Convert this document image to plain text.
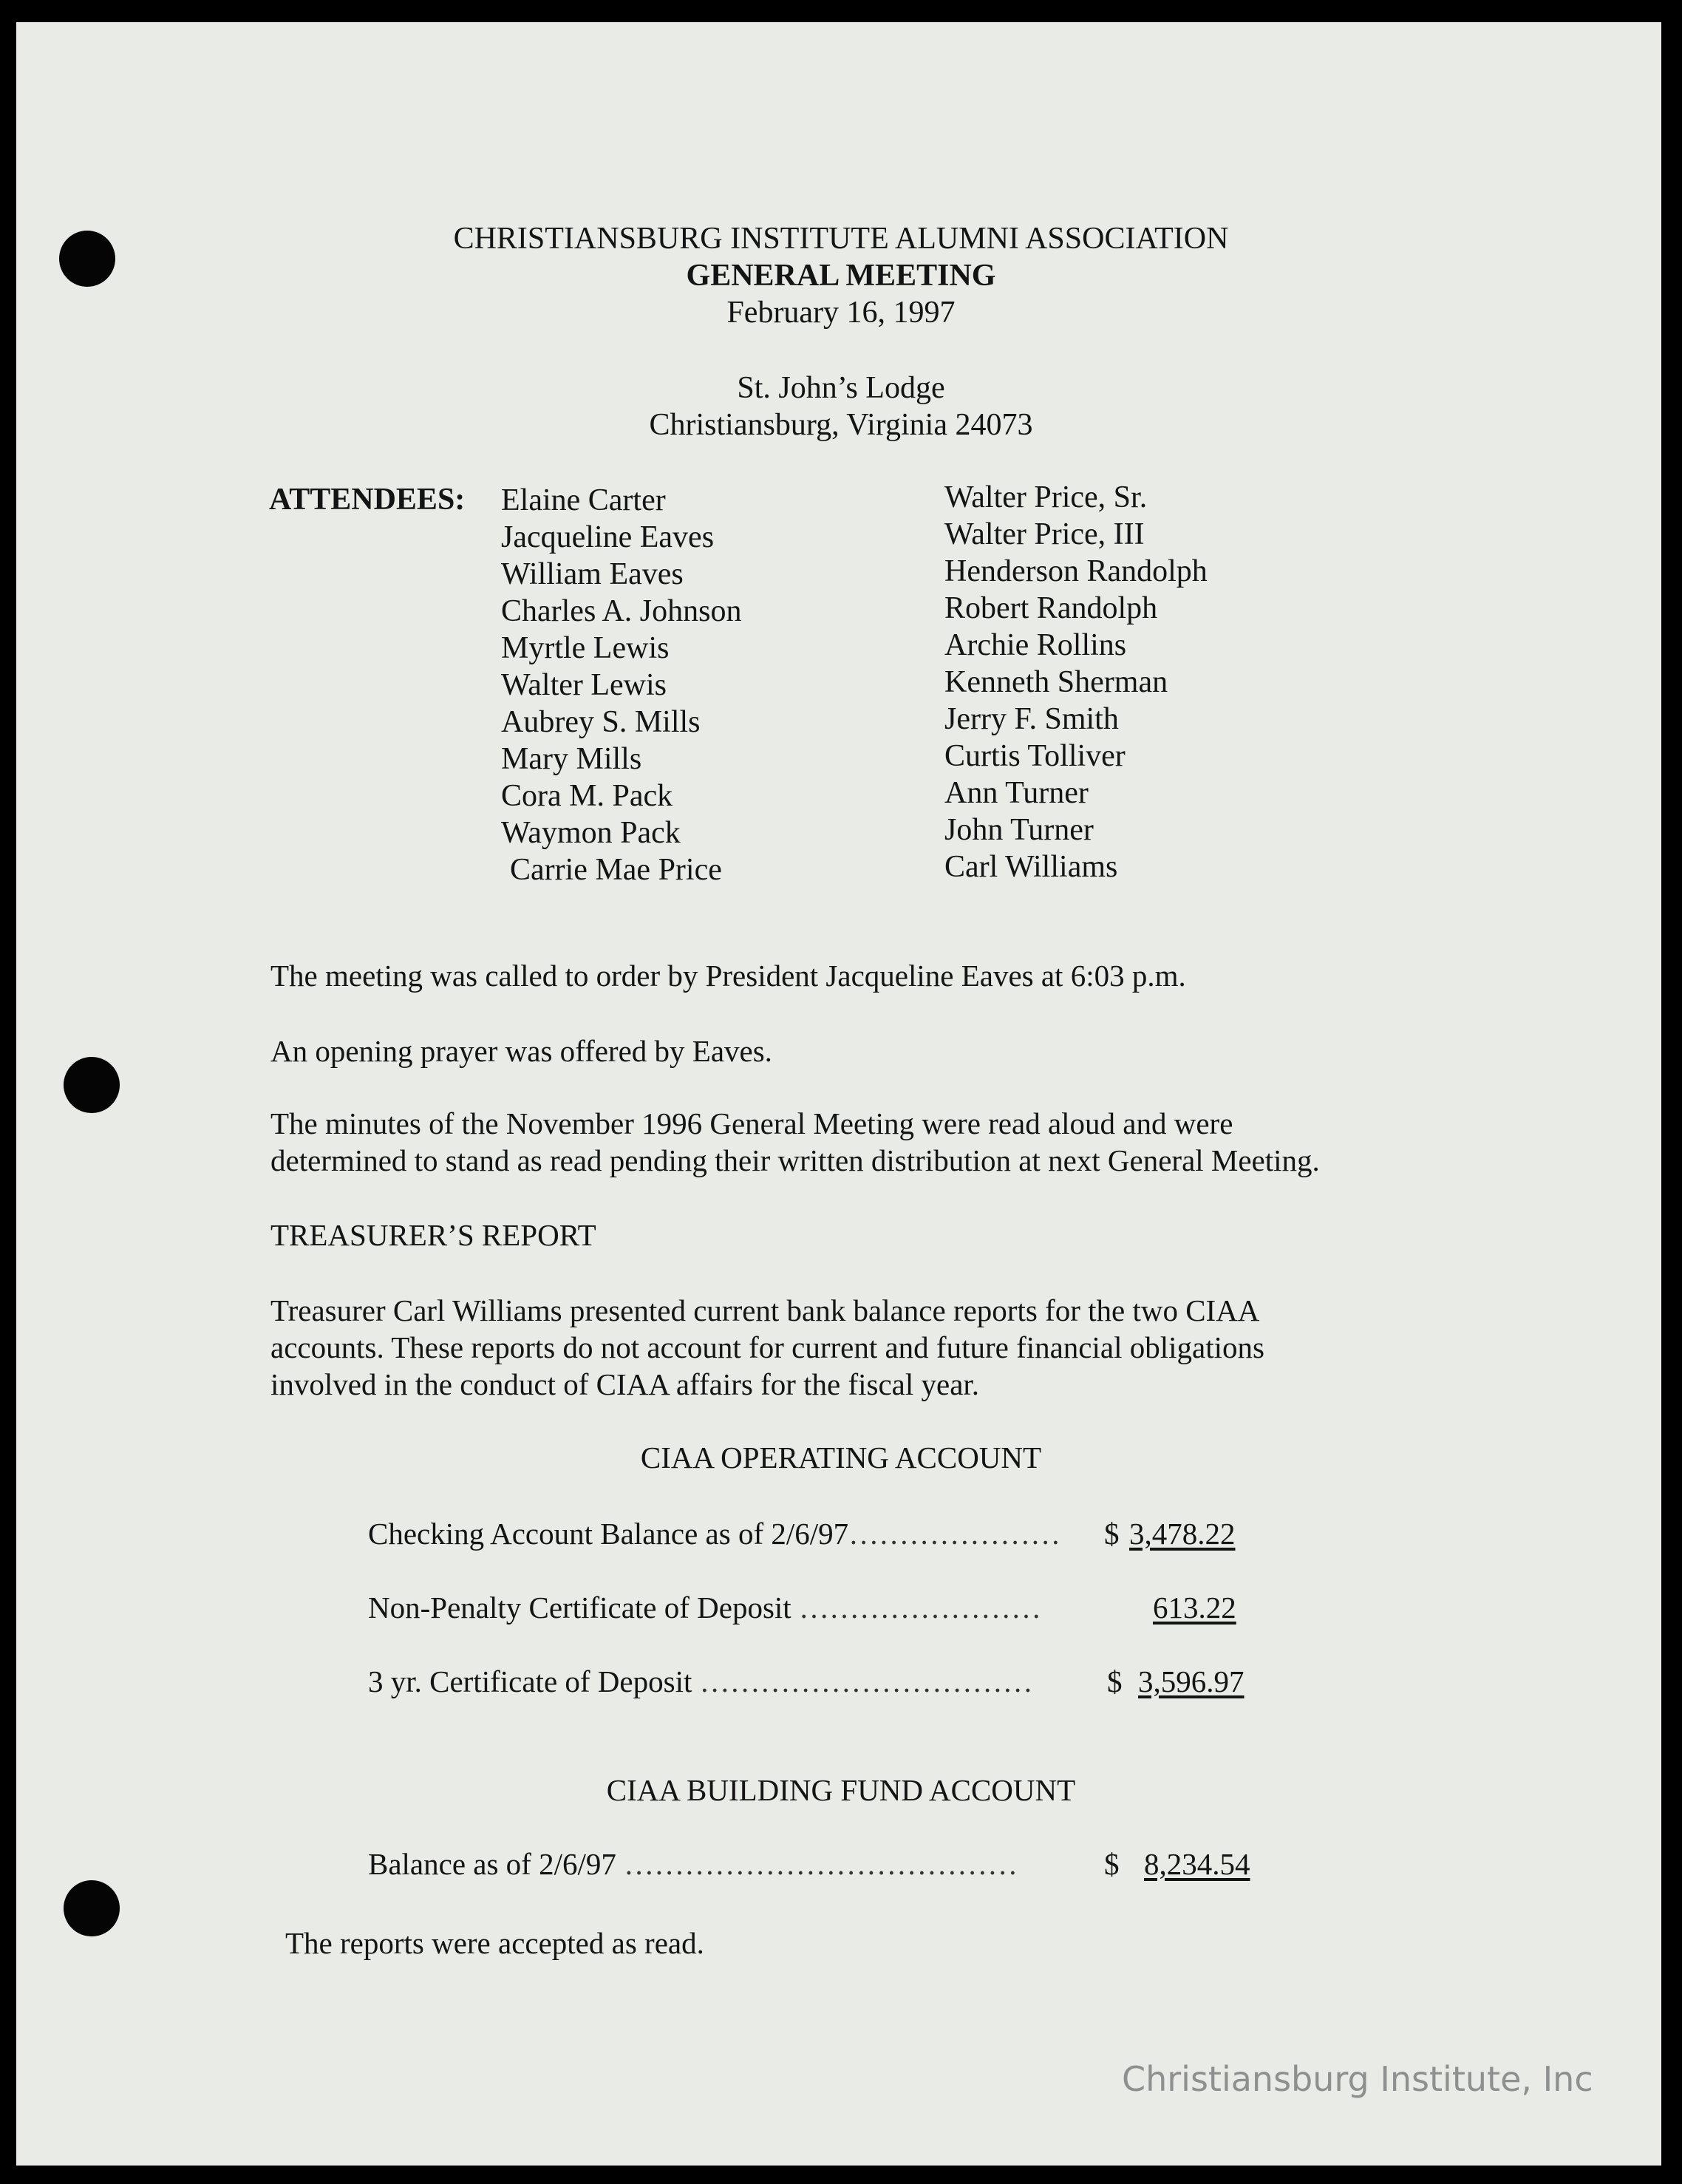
CHRISTIANSBURG INSTITUTE ALUMNI ASSOCIATION
GENERAL MEETING
February 16, 1997
St. John’s Lodge
Christiansburg, Virginia 24073
ATTENDEES: Elaine Carter
Jacqueline Eaves
William Eaves
Charles A. Johnson
Myrtle Lewis
Walter Lewis
Aubrey S. Mills
Mary Mills
Cora M. Pack
Waymon Pack
Carrie Mae Price
Walter Price, Sr.
Walter Price, III
Henderson Randolph
Robert Randolph
Archie Rollins
Kenneth Sherman
Jerry F. Smith
Curtis Tolliver
Ann Turner
John Turner
Carl Williams
The meeting was called to order by President Jacqueline Eaves at 6:03 p.m.
An opening prayer was offered by Eaves.
The minutes of the November 1996 General Meeting were read aloud and were
determined to stand as read pending their written distribution at next General Meeting.
TREASURER’S REPORT
Treasurer Carl Williams presented current bank balance reports for the two CIAA
accounts. These reports do not account for current and future financial obligations
involved in the conduct of CIAA affairs for the fiscal year.
CIAA OPERATING ACCOUNT
Checking Account Balance as of 2/6/97………………… $ 3,478.22
Non-Penalty Certificate of Deposit ……………………	613.22
3 yr. Certificate of Deposit …………………………… $ 3,596.97
CIAA BUILDING FUND ACCOUNT
Balance as of 2/6/97 …………………………………	$ 8,234.54
The reports were accepted as read.
Christiansburg Institute, Inc
